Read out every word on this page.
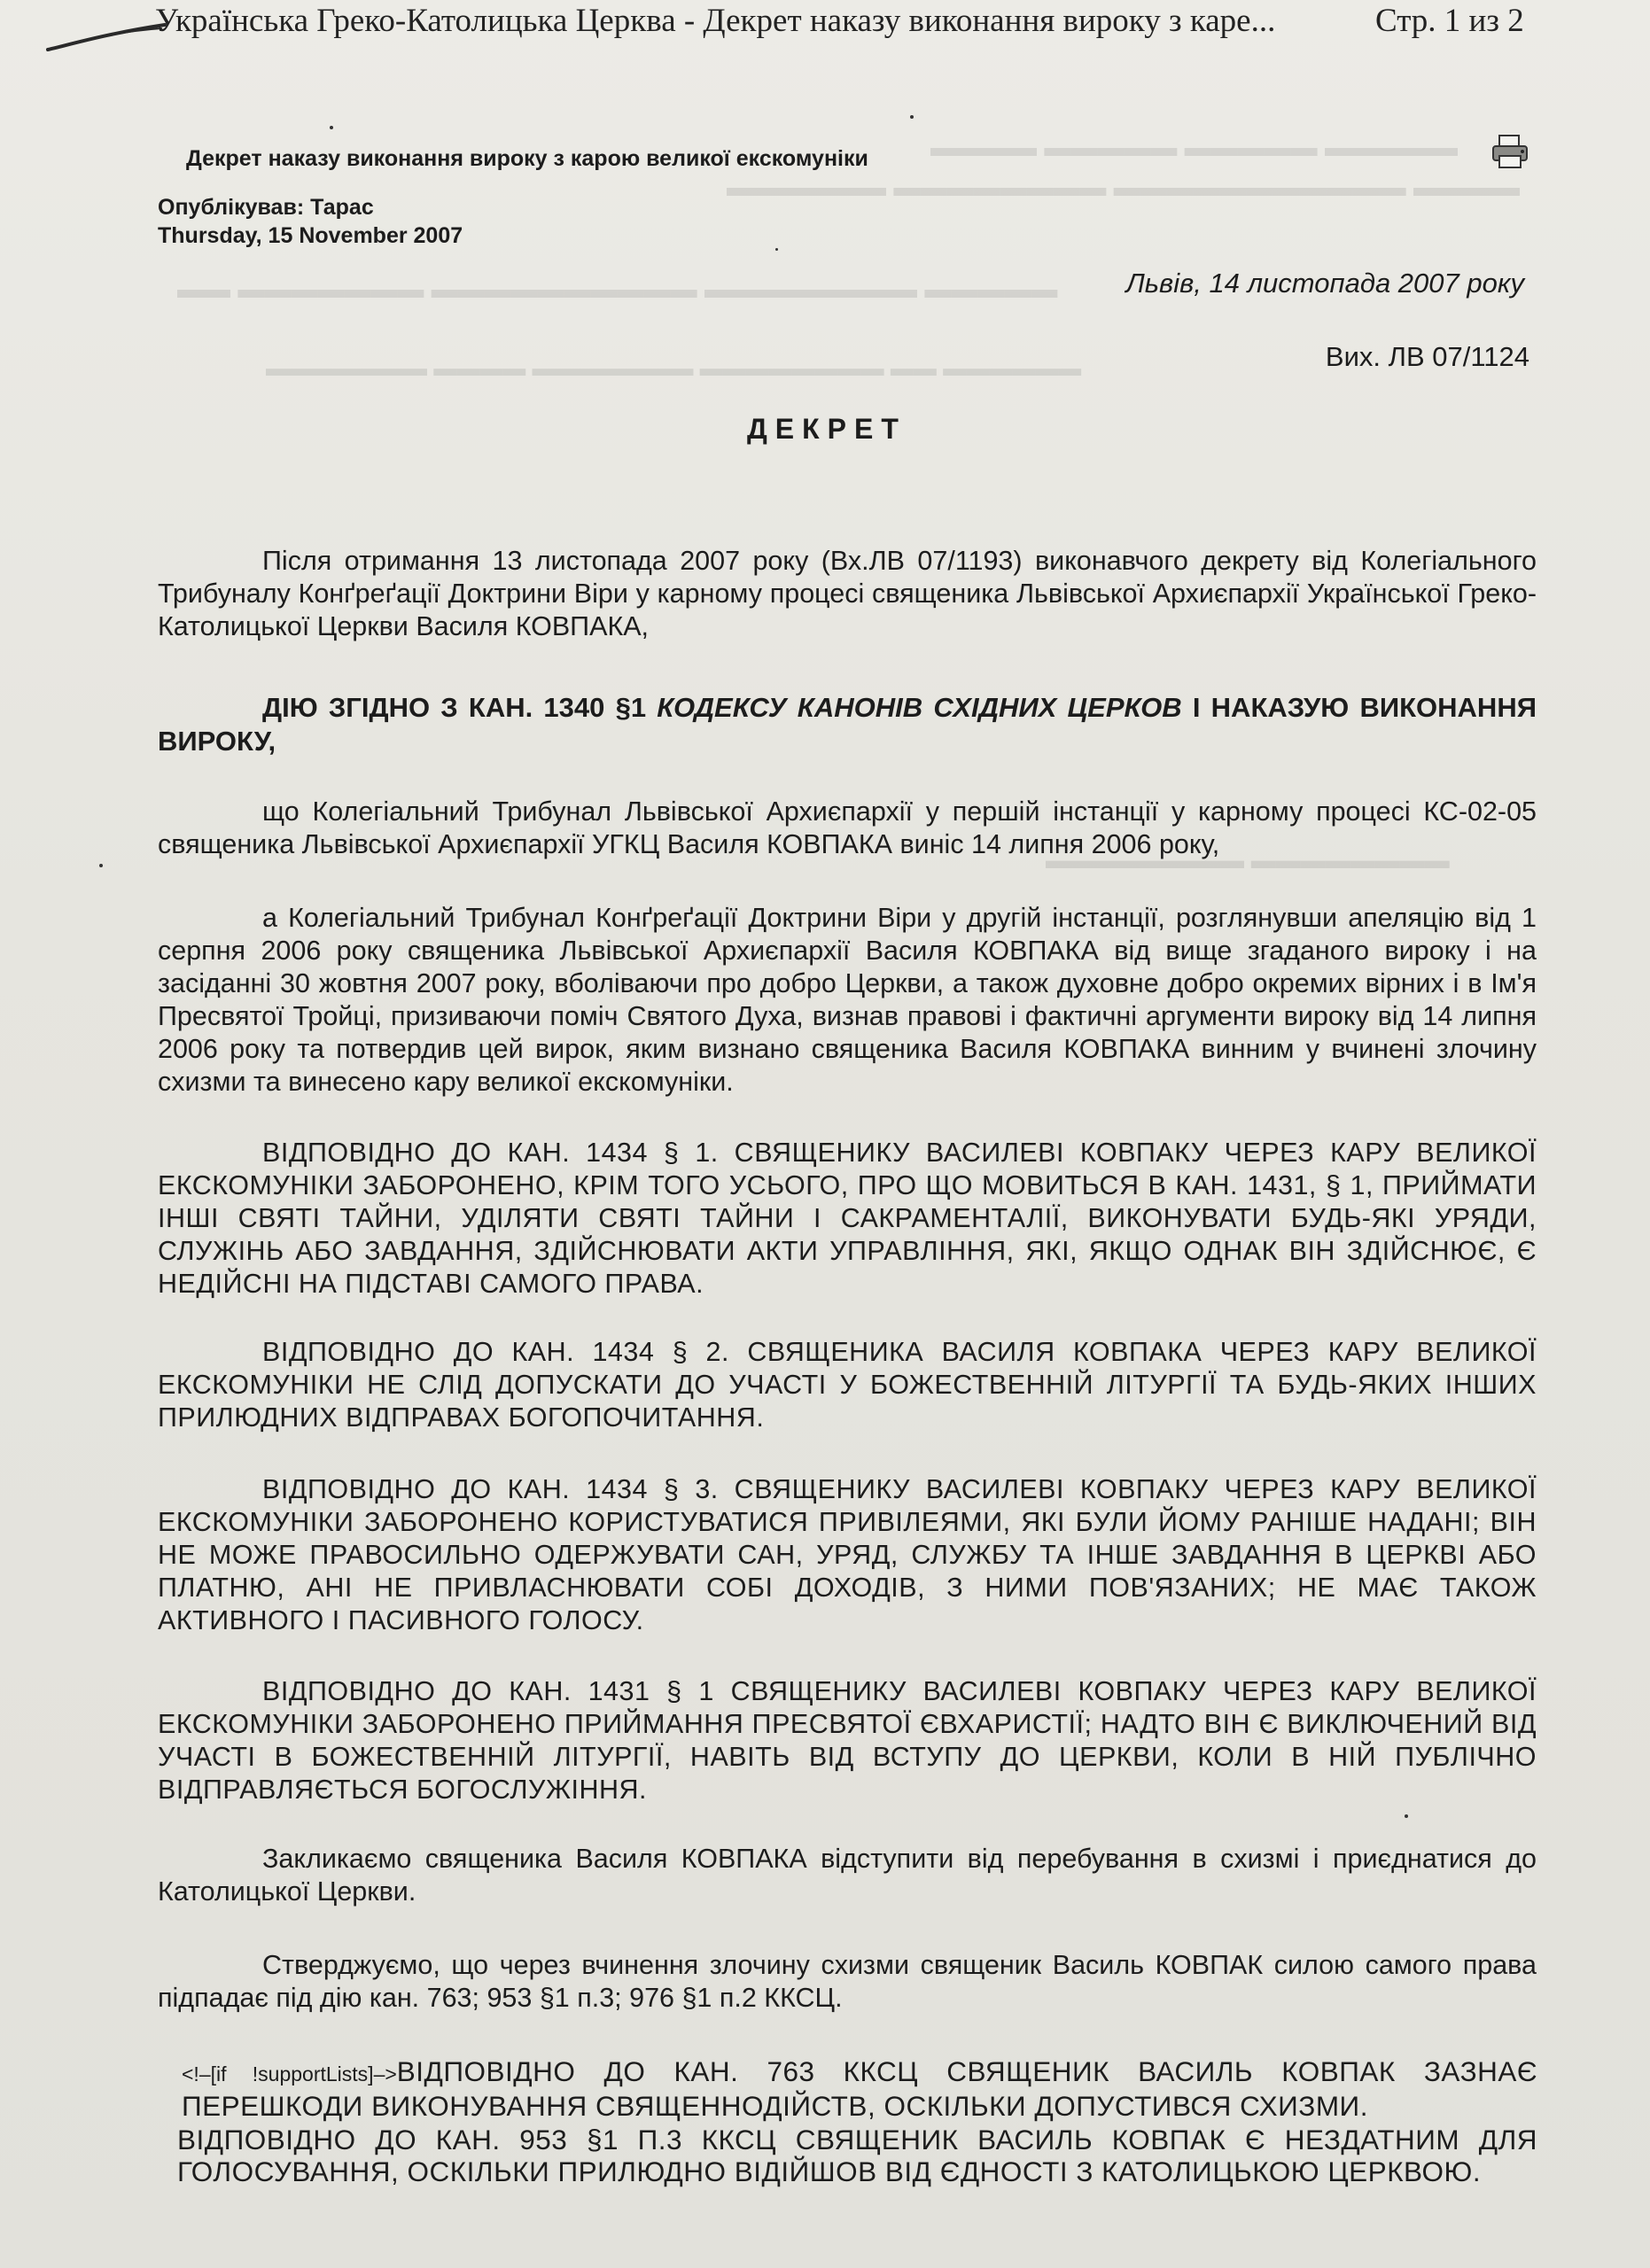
▬▬▬▬ ▬▬▬▬▬ ▬▬▬▬▬ ▬▬▬▬▬
▬▬▬▬▬▬ ▬▬▬▬▬▬▬▬ ▬▬▬▬▬▬▬▬▬▬▬ ▬▬▬▬
▬▬ ▬▬▬▬▬▬▬ ▬▬▬▬▬▬▬▬▬▬ ▬▬▬▬▬▬▬▬ ▬▬▬▬▬
▬▬▬▬▬▬▬ ▬▬▬▬ ▬▬▬▬▬▬▬ ▬▬▬▬▬▬▬▬ ▬▬ ▬▬▬▬▬▬
▬▬▬▬▬▬▬▬ ▬▬▬▬▬▬▬▬
Українська Греко-Католицька Церква - Декрет наказу виконання вироку з каре...	Стр. 1 из 2
Декрет наказу виконання вироку з карою великої екскомуніки
Опублікував: Тарас
Thursday, 15 November 2007
Львів, 14 листопада 2007 року
Вих. ЛВ 07/1124
ДЕКРЕТ
Після отримання 13 листопада 2007 року (Вх.ЛВ 07/1193) виконавчого декрету від Колегіального Трибуналу Конґреґації Доктрини Віри у карному процесі священика Львівської Архиєпархії Української Греко-Католицької Церкви Василя КОВПАКА,
ДІЮ ЗГІДНО З КАН. 1340 §1 КОДЕКСУ КАНОНІВ СХІДНИХ ЦЕРКОВ І НАКАЗУЮ ВИКОНАННЯ ВИРОКУ,
що Колегіальний Трибунал Львівської Архиєпархії у першій інстанції у карному процесі КС-02-05 священика Львівської Архиєпархії УГКЦ Василя КОВПАКА виніс 14 липня 2006 року,
а Колегіальний Трибунал Конґреґації Доктрини Віри у другій інстанції, розглянувши апеляцію від 1 серпня 2006 року священика Львівської Архиєпархії Василя КОВПАКА від вище згаданого вироку і на засіданні 30 жовтня 2007 року, вболіваючи про добро Церкви, а також духовне добро окремих вірних і в Ім'я Пресвятої Тройці, призиваючи поміч Святого Духа, визнав правові і фактичні аргументи вироку від 14 липня 2006 року та потвердив цей вирок, яким визнано священика Василя КОВПАКА винним у вчинені злочину схизми та винесено кару великої екскомуніки.
ВІДПОВІДНО ДО КАН. 1434 § 1. СВЯЩЕНИКУ ВАСИЛЕВІ КОВПАКУ ЧЕРЕЗ КАРУ ВЕЛИКОЇ ЕКСКОМУНІКИ ЗАБОРОНЕНО, КРІМ ТОГО УСЬОГО, ПРО ЩО МОВИТЬСЯ В КАН. 1431, § 1, ПРИЙМАТИ ІНШІ СВЯТІ ТАЙНИ, УДІЛЯТИ СВЯТІ ТАЙНИ І САКРАМЕНТАЛІЇ, ВИКОНУВАТИ БУДЬ-ЯКІ УРЯДИ, СЛУЖІНЬ АБО ЗАВДАННЯ, ЗДІЙСНЮВАТИ АКТИ УПРАВЛІННЯ, ЯКІ, ЯКЩО ОДНАК ВІН ЗДІЙСНЮЄ, Є НЕДІЙСНІ НА ПІДСТАВІ САМОГО ПРАВА.
ВІДПОВІДНО ДО КАН. 1434 § 2. СВЯЩЕНИКА ВАСИЛЯ КОВПАКА ЧЕРЕЗ КАРУ ВЕЛИКОЇ ЕКСКОМУНІКИ НЕ СЛІД ДОПУСКАТИ ДО УЧАСТІ У БОЖЕСТВЕННІЙ ЛІТУРГІЇ ТА БУДЬ-ЯКИХ ІНШИХ ПРИЛЮДНИХ ВІДПРАВАХ БОГОПОЧИТАННЯ.
ВІДПОВІДНО ДО КАН. 1434 § 3. СВЯЩЕНИКУ ВАСИЛЕВІ КОВПАКУ ЧЕРЕЗ КАРУ ВЕЛИКОЇ ЕКСКОМУНІКИ ЗАБОРОНЕНО КОРИСТУВАТИСЯ ПРИВІЛЕЯМИ, ЯКІ БУЛИ ЙОМУ РАНІШЕ НАДАНІ; ВІН НЕ МОЖЕ ПРАВОСИЛЬНО ОДЕРЖУВАТИ САН, УРЯД, СЛУЖБУ ТА ІНШЕ ЗАВДАННЯ В ЦЕРКВІ АБО ПЛАТНЮ, АНІ НЕ ПРИВЛАСНЮВАТИ СОБІ ДОХОДІВ, З НИМИ ПОВ'ЯЗАНИХ; НЕ МАЄ ТАКОЖ АКТИВНОГО І ПАСИВНОГО ГОЛОСУ.
ВІДПОВІДНО ДО КАН. 1431 § 1 СВЯЩЕНИКУ ВАСИЛЕВІ КОВПАКУ ЧЕРЕЗ КАРУ ВЕЛИКОЇ ЕКСКОМУНІКИ ЗАБОРОНЕНО ПРИЙМАННЯ ПРЕСВЯТОЇ ЄВХАРИСТІЇ; НАДТО ВІН Є ВИКЛЮЧЕНИЙ ВІД УЧАСТІ В БОЖЕСТВЕННІЙ ЛІТУРГІЇ, НАВІТЬ ВІД ВСТУПУ ДО ЦЕРКВИ, КОЛИ В НІЙ ПУБЛІЧНО ВІДПРАВЛЯЄТЬСЯ БОГОСЛУЖІННЯ.
Закликаємо священика Василя КОВПАКА відступити від перебування в схизмі і приєднатися до Католицької Церкви.
Стверджуємо, що через вчинення злочину схизми священик Василь КОВПАК силою самого права підпадає під дію кан. 763; 953 §1 п.3; 976 §1 п.2 ККСЦ.
<!–[if !supportLists]–>ВІДПОВІДНО ДО КАН. 763 ККСЦ СВЯЩЕНИК ВАСИЛЬ КОВПАК ЗАЗНАЄ ПЕРЕШКОДИ ВИКОНУВАННЯ СВЯЩЕННОДІЙСТВ, ОСКІЛЬКИ ДОПУСТИВСЯ СХИЗМИ.
ВІДПОВІДНО ДО КАН. 953 §1 П.3 ККСЦ СВЯЩЕНИК ВАСИЛЬ КОВПАК Є НЕЗДАТНИМ ДЛЯ ГОЛОСУВАННЯ, ОСКІЛЬКИ ПРИЛЮДНО ВІДІЙШОВ ВІД ЄДНОСТІ З КАТОЛИЦЬКОЮ ЦЕРКВОЮ.
